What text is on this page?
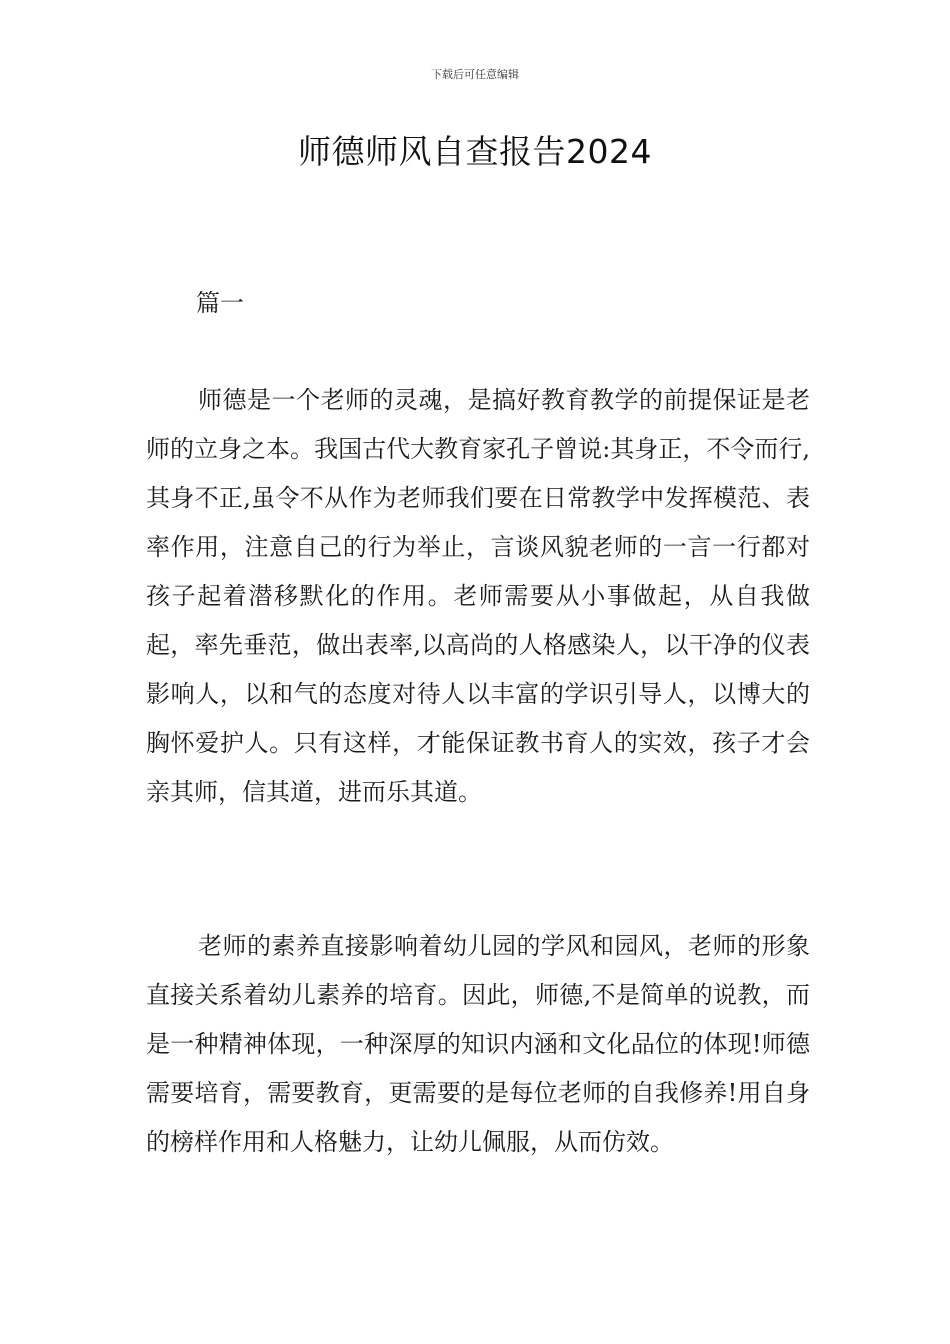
下载后可任意编辑
师德师风自查报告2024
篇一

师德是一个老师的灵魂，是搞好教育教学的前提保证是老师的立身之本。我国古代大教育家孔子曾说:其身正，不令而行,其身不正,虽令不从作为老师我们要在日常教学中发挥模范、表率作用，注意自己的行为举止，言谈风貌老师的一言一行都对孩子起着潜移默化的作用。老师需要从小事做起，从自我做起，率先垂范，做出表率,以高尚的人格感染人，以干净的仪表影响人，以和气的态度对待人以丰富的学识引导人，以博大的胸怀爱护人。只有这样，才能保证教书育人的实效，孩子才会亲其师，信其道，进而乐其道。

老师的素养直接影响着幼儿园的学风和园风，老师的形象直接关系着幼儿素养的培育。因此，师德,不是简单的说教，而是一种精神体现，一种深厚的知识内涵和文化品位的体现!师德需要培育，需要教育，更需要的是每位老师的自我修养!用自身的榜样作用和人格魅力，让幼儿佩服，从而仿效。
